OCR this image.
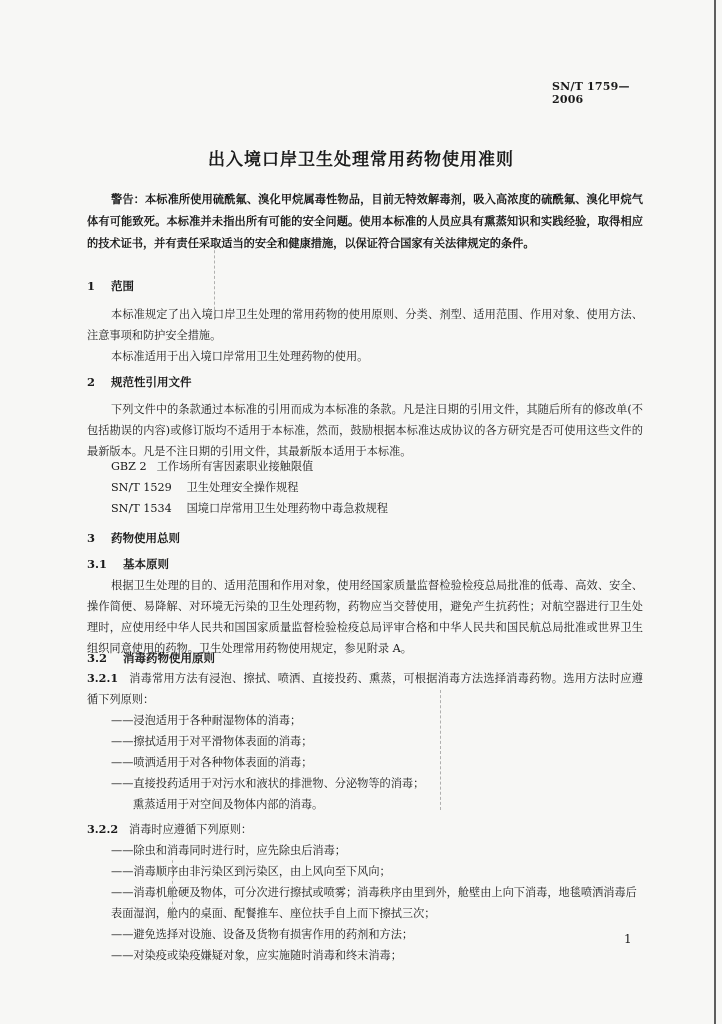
SN/T 1759—2006
出入境口岸卫生处理常用药物使用准则
警告：本标准所使用硫酰氟、溴化甲烷属毒性物品，目前无特效解毒剂，吸入高浓度的硫酰氟、溴化甲烷气体有可能致死。本标准并未指出所有可能的安全问题。使用本标准的人员应具有熏蒸知识和实践经验，取得相应的技术证书，并有责任采取适当的安全和健康措施，以保证符合国家有关法律规定的条件。
1 范围
本标准规定了出入境口岸卫生处理的常用药物的使用原则、分类、剂型、适用范围、作用对象、使用方法、注意事项和防护安全措施。
本标准适用于出入境口岸常用卫生处理药物的使用。
2 规范性引用文件
下列文件中的条款通过本标准的引用而成为本标准的条款。凡是注日期的引用文件，其随后所有的修改单(不包括勘误的内容)或修订版均不适用于本标准，然而，鼓励根据本标准达成协议的各方研究是否可使用这些文件的最新版本。凡是不注日期的引用文件，其最新版本适用于本标准。
GBZ 2 工作场所有害因素职业接触限值
SN/T 1529 卫生处理安全操作规程
SN/T 1534 国境口岸常用卫生处理药物中毒急救规程
3 药物使用总则
3.1 基本原则
根据卫生处理的目的、适用范围和作用对象，使用经国家质量监督检验检疫总局批准的低毒、高效、安全、操作简便、易降解、对环境无污染的卫生处理药物，药物应当交替使用，避免产生抗药性；对航空器进行卫生处理时，应使用经中华人民共和国国家质量监督检验检疫总局评审合格和中华人民共和国民航总局批准或世界卫生组织同意使用的药物。卫生处理常用药物使用规定，参见附录 A。
3.2 消毒药物使用原则
3.2.1 消毒常用方法有浸泡、擦拭、喷洒、直接投药、熏蒸，可根据消毒方法选择消毒药物。选用方法时应遵循下列原则：
——浸泡适用于各种耐湿物体的消毒；
——擦拭适用于对平滑物体表面的消毒；
——喷洒适用于对各种物体表面的消毒；
——直接投药适用于对污水和液状的排泄物、分泌物等的消毒；
熏蒸适用于对空间及物体内部的消毒。
3.2.2 消毒时应遵循下列原则：
——除虫和消毒同时进行时，应先除虫后消毒；
——消毒顺序由非污染区到污染区，由上风向至下风向；
——消毒机舱硬及物体，可分次进行擦拭或喷雾；消毒秩序由里到外，舱壁由上向下消毒，地毯喷洒消毒后表面湿润，舱内的桌面、配餐推车、座位扶手自上而下擦拭三次；
——避免选择对设施、设备及货物有损害作用的药剂和方法；
——对染疫或染疫嫌疑对象，应实施随时消毒和终末消毒；
1
